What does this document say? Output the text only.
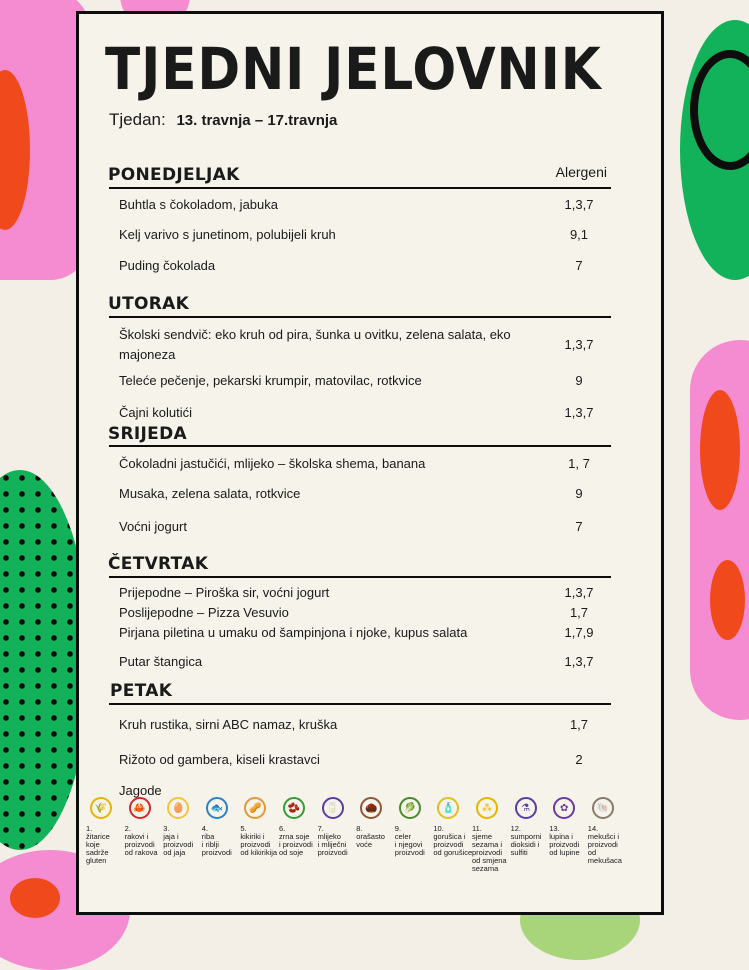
TJEDNI JELOVNIK
Tjedan: 13. travnja – 17.travnja
Alergeni
PONEDJELJAK
Buhtla s čokoladom, jabuka	1,3,7
Kelj varivo s junetinom, polubijeli kruh	9,1
Puding čokolada	7
UTORAK
Školski sendvič: eko kruh od pira, šunka u ovitku, zelena salata, eko majoneza
1,3,7
Teleće pečenje, pekarski krumpir, matovilac, rotkvice	9
Čajni kolutići	1,3,7
SRIJEDA
Čokoladni jastučići, mlijeko – školska shema, banana	1, 7
Musaka, zelena salata, rotkvice	9
Voćni jogurt	7
ČETVRTAK
Prijepodne – Piroška sir, voćni jogurt	1,3,7
Poslijepodne – Pizza Vesuvio	1,7
Pirjana piletina u umaku od šampinjona i njoke, kupus salata	1,7,9
Putar štangica	1,3,7
PETAK
Kruh rustika, sirni ABC namaz, kruška	1,7
Rižoto od gambera, kiseli krastavci	2
Jagode
🌾
1.
žitarice
koje
sadrže
gluten
🦀
2.
rakovi i
proizvodi
od rakova
🥚
3.
jaja i
proizvodi
od jaja
🐟
4.
riba
i riblji
proizvodi
🥜
5.
kikiriki i
proizvodi
od kikirikija
🫘
6.
zrna soje
i proizvodi
od soje
🥛
7.
mlijeko
i mliječni
proizvodi
🌰
8.
orašasto
voće
🥬
9.
celer
i njegovi
proizvodi
🧴
10.
gorušica i
proizvodi
od gorušice
⁂
11.
sjeme
sezama i
proizvodi
od smjena
sezama
⚗
12.
sumporni
dioksidi i
sulfiti
✿
13.
lupina i
proizvodi
od lupine
🐚
14.
mekušci i
proizvodi
od mekušaca
